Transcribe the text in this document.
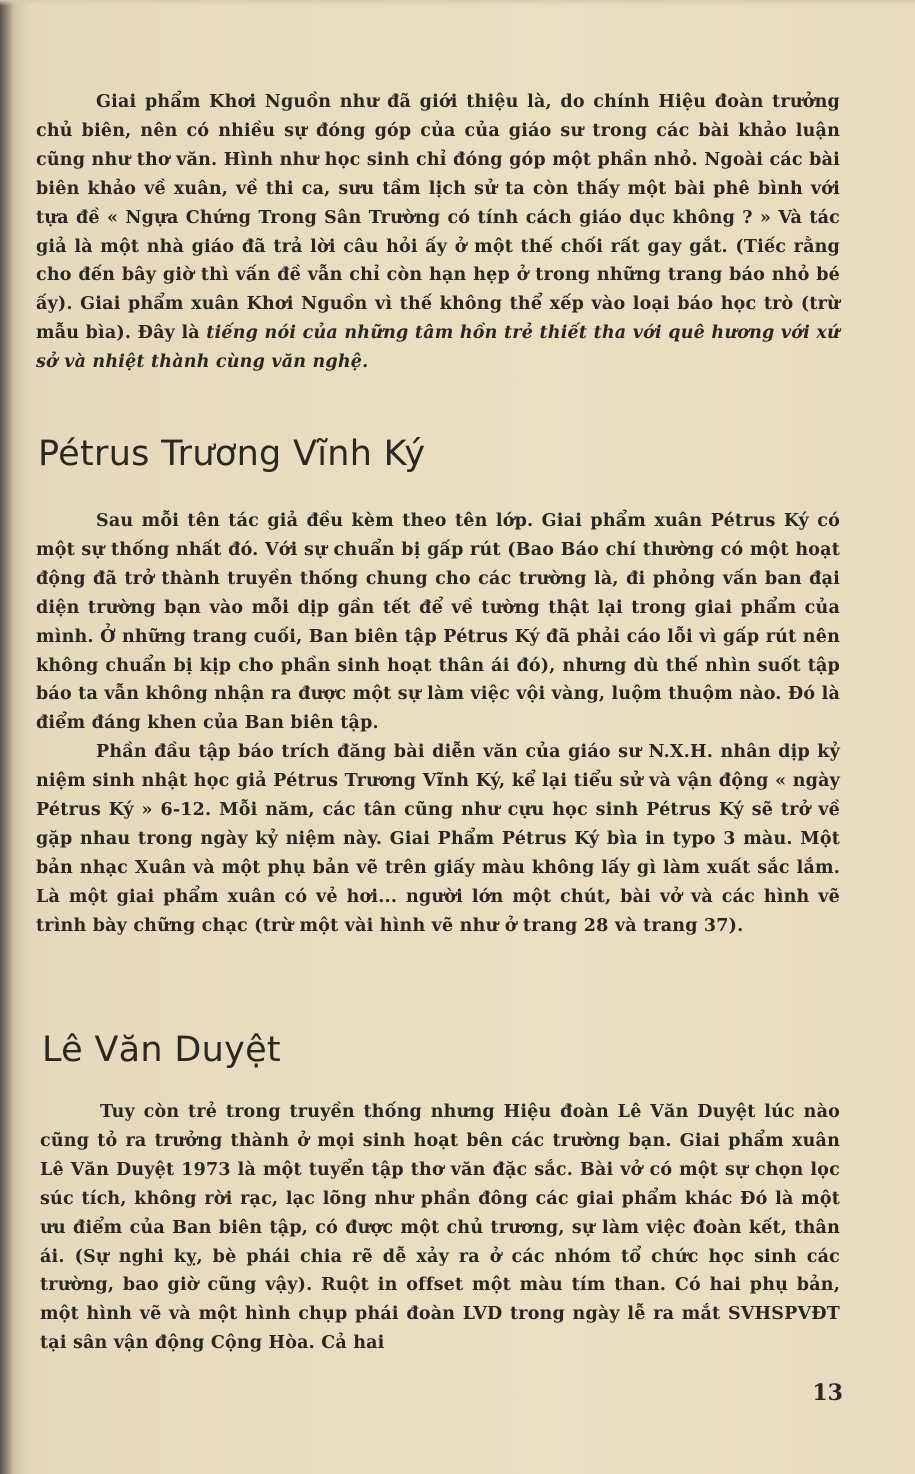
Giai phẩm Khơi Nguồn như đã giới thiệu là, do chính Hiệu đoàn trưởng chủ biên, nên có nhiều sự đóng góp của của giáo sư trong các bài khảo luận cũng như thơ văn. Hình như học sinh chỉ đóng góp một phần nhỏ. Ngoài các bài biên khảo về xuân, về thi ca, sưu tầm lịch sử ta còn thấy một bài phê bình với tựa đề « Ngựa Chứng Trong Sân Trường có tính cách giáo dục không ? » Và tác giả là một nhà giáo đã trả lời câu hỏi ấy ở một thế chối rất gay gắt. (Tiếc rằng cho đến bây giờ thì vấn đề vẫn chỉ còn hạn hẹp ở trong những trang báo nhỏ bé ấy). Giai phẩm xuân Khơi Nguồn vì thế không thể xếp vào loại báo học trò (trừ mẫu bìa). Đây là tiếng nói của những tâm hồn trẻ thiết tha với quê hương với xứ sở và nhiệt thành cùng văn nghệ.

Pétrus Trương Vĩnh Ký

Sau mỗi tên tác giả đều kèm theo tên lớp. Giai phẩm xuân Pétrus Ký có một sự thống nhất đó. Với sự chuẩn bị gấp rút (Bao Báo chí thường có một hoạt động đã trở thành truyền thống chung cho các trường là, đi phỏng vấn ban đại diện trường bạn vào mỗi dịp gần tết để về tường thật lại trong giai phẩm của mình. Ở những trang cuối, Ban biên tập Pétrus Ký đã phải cáo lỗi vì gấp rút nên không chuẩn bị kịp cho phần sinh hoạt thân ái đó), nhưng dù thế nhìn suốt tập báo ta vẫn không nhận ra được một sự làm việc vội vàng, luộm thuộm nào. Đó là điểm đáng khen của Ban biên tập.

Phần đầu tập báo trích đăng bài diễn văn của giáo sư N.X.H. nhân dịp kỷ niệm sinh nhật học giả Pétrus Trương Vĩnh Ký, kể lại tiểu sử và vận động « ngày Pétrus Ký » 6-12. Mỗi năm, các tân cũng như cựu học sinh Pétrus Ký sẽ trở về gặp nhau trong ngày kỷ niệm này. Giai Phẩm Pétrus Ký bìa in typo 3 màu. Một bản nhạc Xuân và một phụ bản vẽ trên giấy màu không lấy gì làm xuất sắc lắm. Là một giai phẩm xuân có vẻ hơi... người lớn một chút, bài vở và các hình vẽ trình bày chững chạc (trừ một vài hình vẽ như ở trang 28 và trang 37).

Lê Văn Duyệt

Tuy còn trẻ trong truyền thống nhưng Hiệu đoàn Lê Văn Duyệt lúc nào cũng tỏ ra trưởng thành ở mọi sinh hoạt bên các trường bạn. Giai phẩm xuân Lê Văn Duyệt 1973 là một tuyển tập thơ văn đặc sắc. Bài vở có một sự chọn lọc súc tích, không rời rạc, lạc lõng như phần đông các giai phẩm khác Đó là một ưu điểm của Ban biên tập, có được một chủ trương, sự làm việc đoàn kết, thân ái. (Sự nghi kỵ, bè phái chia rẽ dễ xảy ra ở các nhóm tổ chức học sinh các trường, bao giờ cũng vậy). Ruột in offset một màu tím than. Có hai phụ bản, một hình vẽ và một hình chụp phái đoàn LVD trong ngày lễ ra mắt SVHSPVĐT tại sân vận động Cộng Hòa. Cả hai

13
